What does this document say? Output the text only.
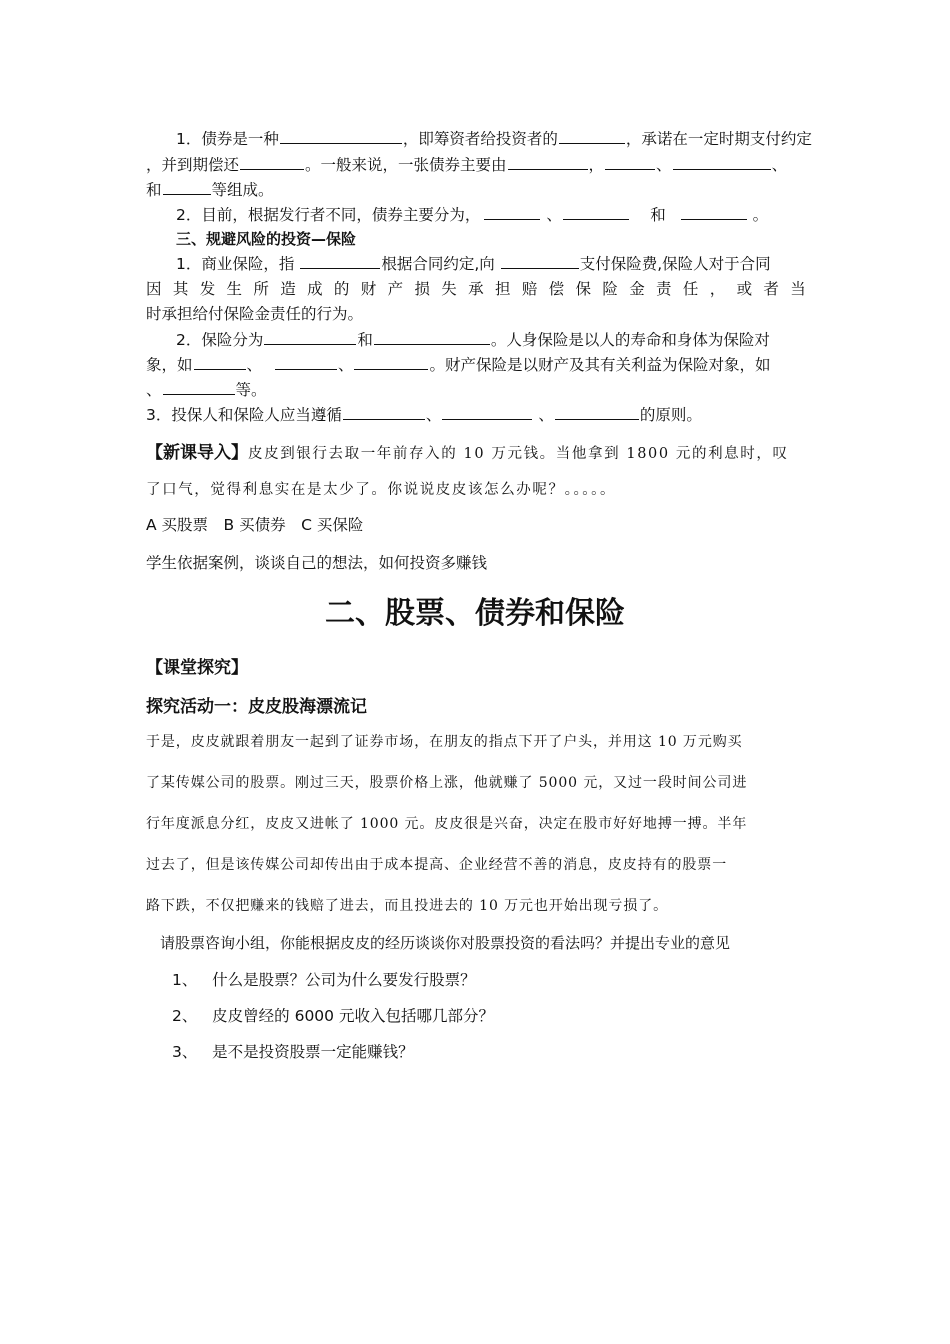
1．债券是一种	，即筹资者给投资者的	，承诺在一定时期支付约定
，并到期偿还	。一般来说，一张债券主要由	，	、	、
和	等组成。
2．目前，根据发行者不同，债券主要分为，	、　	和	。
三、规避风险的投资—保险
1．商业保险，指	根据合同约定,向	支付保险费,保险人对于合同
因 其 发 生 所 造 成 的 财 产 损 失 承 担 赔 偿 保 险 金 责 任 ， 或 者 当
时承担给付保险金责任的行为。
2．保险分为	和	。人身保险是以人的寿命和身体为保险对
象，如	、	、	。财产保险是以财产及其有关利益为保险对象，如
、	等。
3．投保人和保险人应当遵循	、	、	的原则。
【新课导入】皮皮到银行去取一年前存入的 10 万元钱。当他拿到 1800 元的利息时，叹
了口气，觉得利息实在是太少了。你说说皮皮该怎么办呢？。。。。。
A 买股票　B 买债券　C 买保险
学生依据案例，谈谈自己的想法，如何投资多赚钱
二、股票、债券和保险
【课堂探究】
探究活动一：皮皮股海漂流记
于是，皮皮就跟着朋友一起到了证券市场，在朋友的指点下开了户头，并用这 10 万元购买
了某传媒公司的股票。刚过三天，股票价格上涨，他就赚了 5000 元，又过一段时间公司进
行年度派息分红，皮皮又进帐了 1000 元。皮皮很是兴奋，决定在股市好好地搏一搏。半年
过去了，但是该传媒公司却传出由于成本提高、企业经营不善的消息，皮皮持有的股票一
路下跌，不仅把赚来的钱赔了进去，而且投进去的 10 万元也开始出现亏损了。
请股票咨询小组，你能根据皮皮的经历谈谈你对股票投资的看法吗？并提出专业的意见
1、 什么是股票？公司为什么要发行股票？
2、 皮皮曾经的 6000 元收入包括哪几部分？
3、 是不是投资股票一定能赚钱？
